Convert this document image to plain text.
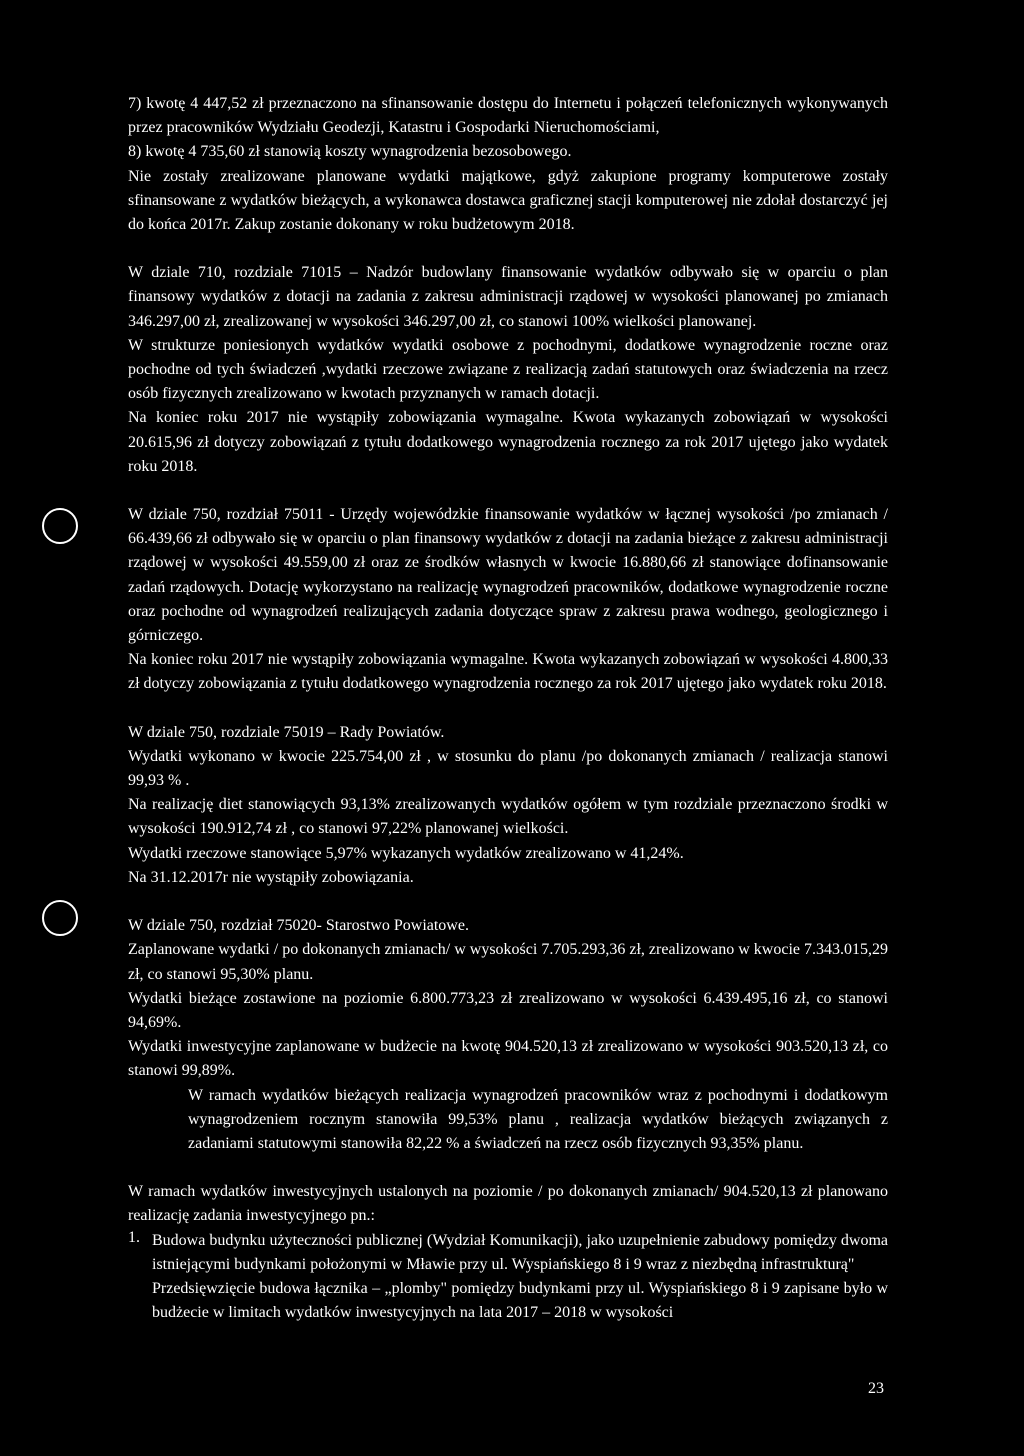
7) kwotę 4 447,52 zł przeznaczono na sfinansowanie dostępu do Internetu i połączeń telefonicznych wykonywanych przez pracowników Wydziału Geodezji, Katastru i Gospodarki Nieruchomościami,

8) kwotę 4 735,60 zł stanowią koszty wynagrodzenia bezosobowego.

Nie zostały zrealizowane planowane wydatki majątkowe, gdyż zakupione programy komputerowe zostały sfinansowane z wydatków bieżących, a wykonawca dostawca graficznej stacji komputerowej nie zdołał dostarczyć jej do końca 2017r. Zakup zostanie dokonany w roku budżetowym 2018.

W dziale 710, rozdziale 71015 – Nadzór budowlany finansowanie wydatków odbywało się w oparciu o plan finansowy wydatków z dotacji na zadania z zakresu administracji rządowej w wysokości planowanej po zmianach 346.297,00 zł, zrealizowanej w wysokości 346.297,00 zł, co stanowi 100% wielkości planowanej.

W strukturze poniesionych wydatków wydatki osobowe z pochodnymi, dodatkowe wynagrodzenie roczne oraz pochodne od tych świadczeń ,wydatki rzeczowe związane z realizacją zadań statutowych oraz świadczenia na rzecz osób fizycznych zrealizowano w kwotach przyznanych w ramach dotacji.

Na koniec roku 2017 nie wystąpiły zobowiązania wymagalne. Kwota wykazanych zobowiązań w wysokości 20.615,96 zł dotyczy zobowiązań z tytułu dodatkowego wynagrodzenia rocznego za rok 2017 ujętego jako wydatek roku 2018.

W dziale 750, rozdział 75011 - Urzędy wojewódzkie finansowanie wydatków w łącznej wysokości /po zmianach / 66.439,66 zł odbywało się w oparciu o plan finansowy wydatków z dotacji na zadania bieżące z zakresu administracji rządowej w wysokości 49.559,00 zł oraz ze środków własnych w kwocie 16.880,66 zł stanowiące dofinansowanie zadań rządowych. Dotację wykorzystano na realizację wynagrodzeń pracowników, dodatkowe wynagrodzenie roczne oraz pochodne od wynagrodzeń realizujących zadania dotyczące spraw z zakresu prawa wodnego, geologicznego i górniczego.

Na koniec roku 2017 nie wystąpiły zobowiązania wymagalne. Kwota wykazanych zobowiązań w wysokości 4.800,33 zł dotyczy zobowiązania z tytułu dodatkowego wynagrodzenia rocznego za rok 2017 ujętego jako wydatek roku 2018.

W dziale 750, rozdziale 75019 – Rady Powiatów.

Wydatki wykonano w kwocie 225.754,00 zł , w stosunku do planu /po dokonanych zmianach / realizacja stanowi 99,93 % .

Na realizację diet stanowiących 93,13% zrealizowanych wydatków ogółem w tym rozdziale przeznaczono środki w wysokości 190.912,74 zł , co stanowi 97,22% planowanej wielkości.

Wydatki rzeczowe stanowiące 5,97% wykazanych wydatków zrealizowano w 41,24%.

Na 31.12.2017r nie wystąpiły zobowiązania.

W dziale 750, rozdział 75020- Starostwo Powiatowe.

Zaplanowane wydatki / po dokonanych zmianach/ w wysokości 7.705.293,36 zł, zrealizowano w kwocie 7.343.015,29 zł, co stanowi 95,30% planu.

Wydatki bieżące zostawione na poziomie 6.800.773,23 zł zrealizowano w wysokości 6.439.495,16 zł, co stanowi 94,69%.

Wydatki inwestycyjne zaplanowane w budżecie na kwotę 904.520,13 zł zrealizowano w wysokości 903.520,13 zł, co stanowi 99,89%.

W ramach wydatków bieżących realizacja wynagrodzeń pracowników wraz z pochodnymi i dodatkowym wynagrodzeniem rocznym stanowiła 99,53% planu , realizacja wydatków bieżących związanych z zadaniami statutowymi stanowiła 82,22 % a świadczeń na rzecz osób fizycznych 93,35% planu.

W ramach wydatków inwestycyjnych ustalonych na poziomie / po dokonanych zmianach/ 904.520,13 zł planowano realizację zadania inwestycyjnego pn.:

1. Budowa budynku użyteczności publicznej (Wydział Komunikacji), jako uzupełnienie zabudowy pomiędzy dwoma istniejącymi budynkami położonymi w Mławie przy ul. Wyspiańskiego 8 i 9 wraz z niezbędną infrastrukturą"

Przedsięwzięcie budowa łącznika – „plomby" pomiędzy budynkami przy ul. Wyspiańskiego 8 i 9 zapisane było w budżecie w limitach wydatków inwestycyjnych na lata 2017 – 2018 w wysokości

23
